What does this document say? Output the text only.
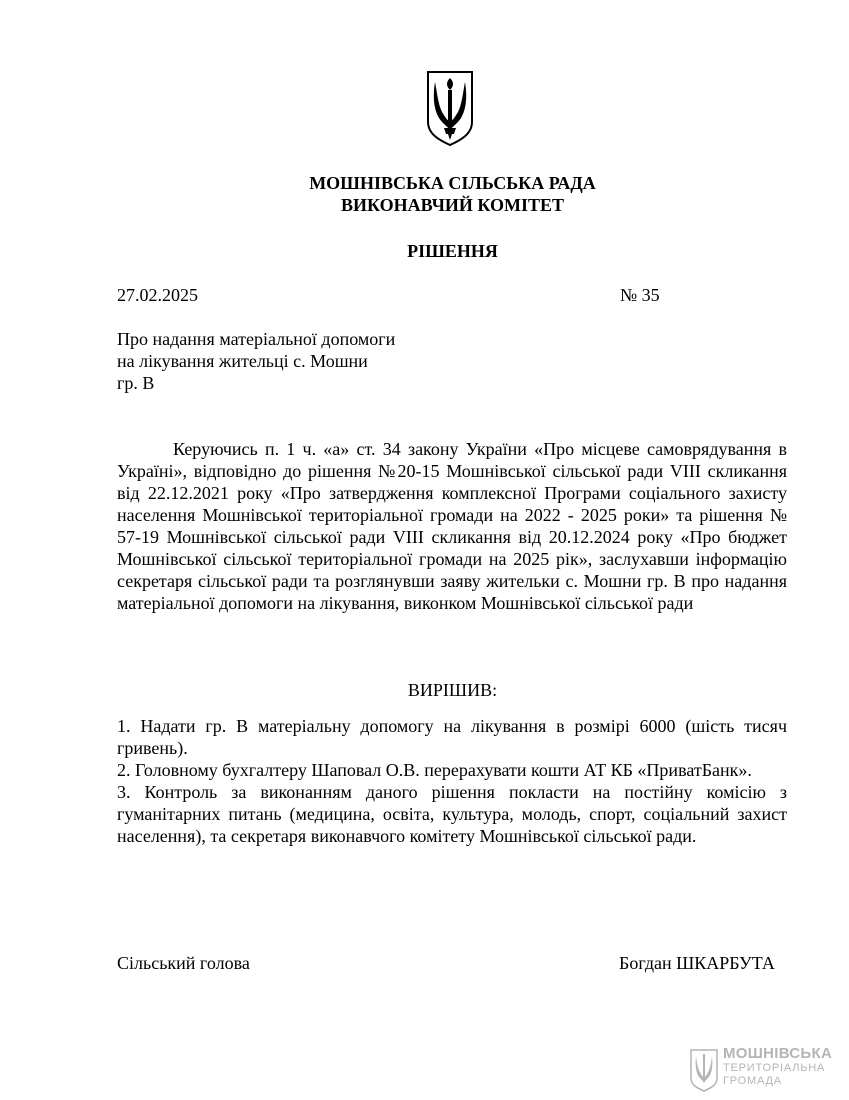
МОШНІВСЬКА СІЛЬСЬКА РАДА
ВИКОНАВЧИЙ КОМІТЕТ
РІШЕННЯ
27.02.2025	№ 35
Про надання матеріальної допомоги
на лікування жительці с. Мошни
гр. В
Керуючись п. 1 ч. «а» ст. 34 закону України «Про місцеве самоврядування в Україні», відповідно до рішення №20-15 Мошнівської сільської ради VIII скликання від 22.12.2021 року «Про затвердження комплексної Програми соціального захисту населення Мошнівської територіальної громади на 2022 - 2025 роки» та рішення № 57-19 Мошнівської сільської ради VIII скликання від 20.12.2024 року «Про бюджет Мошнівської сільської територіальної громади на 2025 рік», заслухавши інформацію секретаря сільської ради та розглянувши заяву жительки с. Мошни гр. В про надання матеріальної допомоги на лікування, виконком Мошнівської сільської ради
ВИРІШИВ:
1. Надати гр. В матеріальну допомогу на лікування в розмірі 6000 (шість тисяч гривень).
2. Головному бухгалтеру Шаповал О.В. перерахувати кошти АТ КБ «ПриватБанк».
3. Контроль за виконанням даного рішення покласти на постійну комісію з гуманітарних питань (медицина, освіта, культура, молодь, спорт, соціальний захист населення), та секретаря виконавчого комітету Мошнівської сільської ради.
Сільський голова	Богдан ШКАРБУТА
МОШНІВСЬКА
ТЕРИТОРІАЛЬНА
ГРОМАДА
